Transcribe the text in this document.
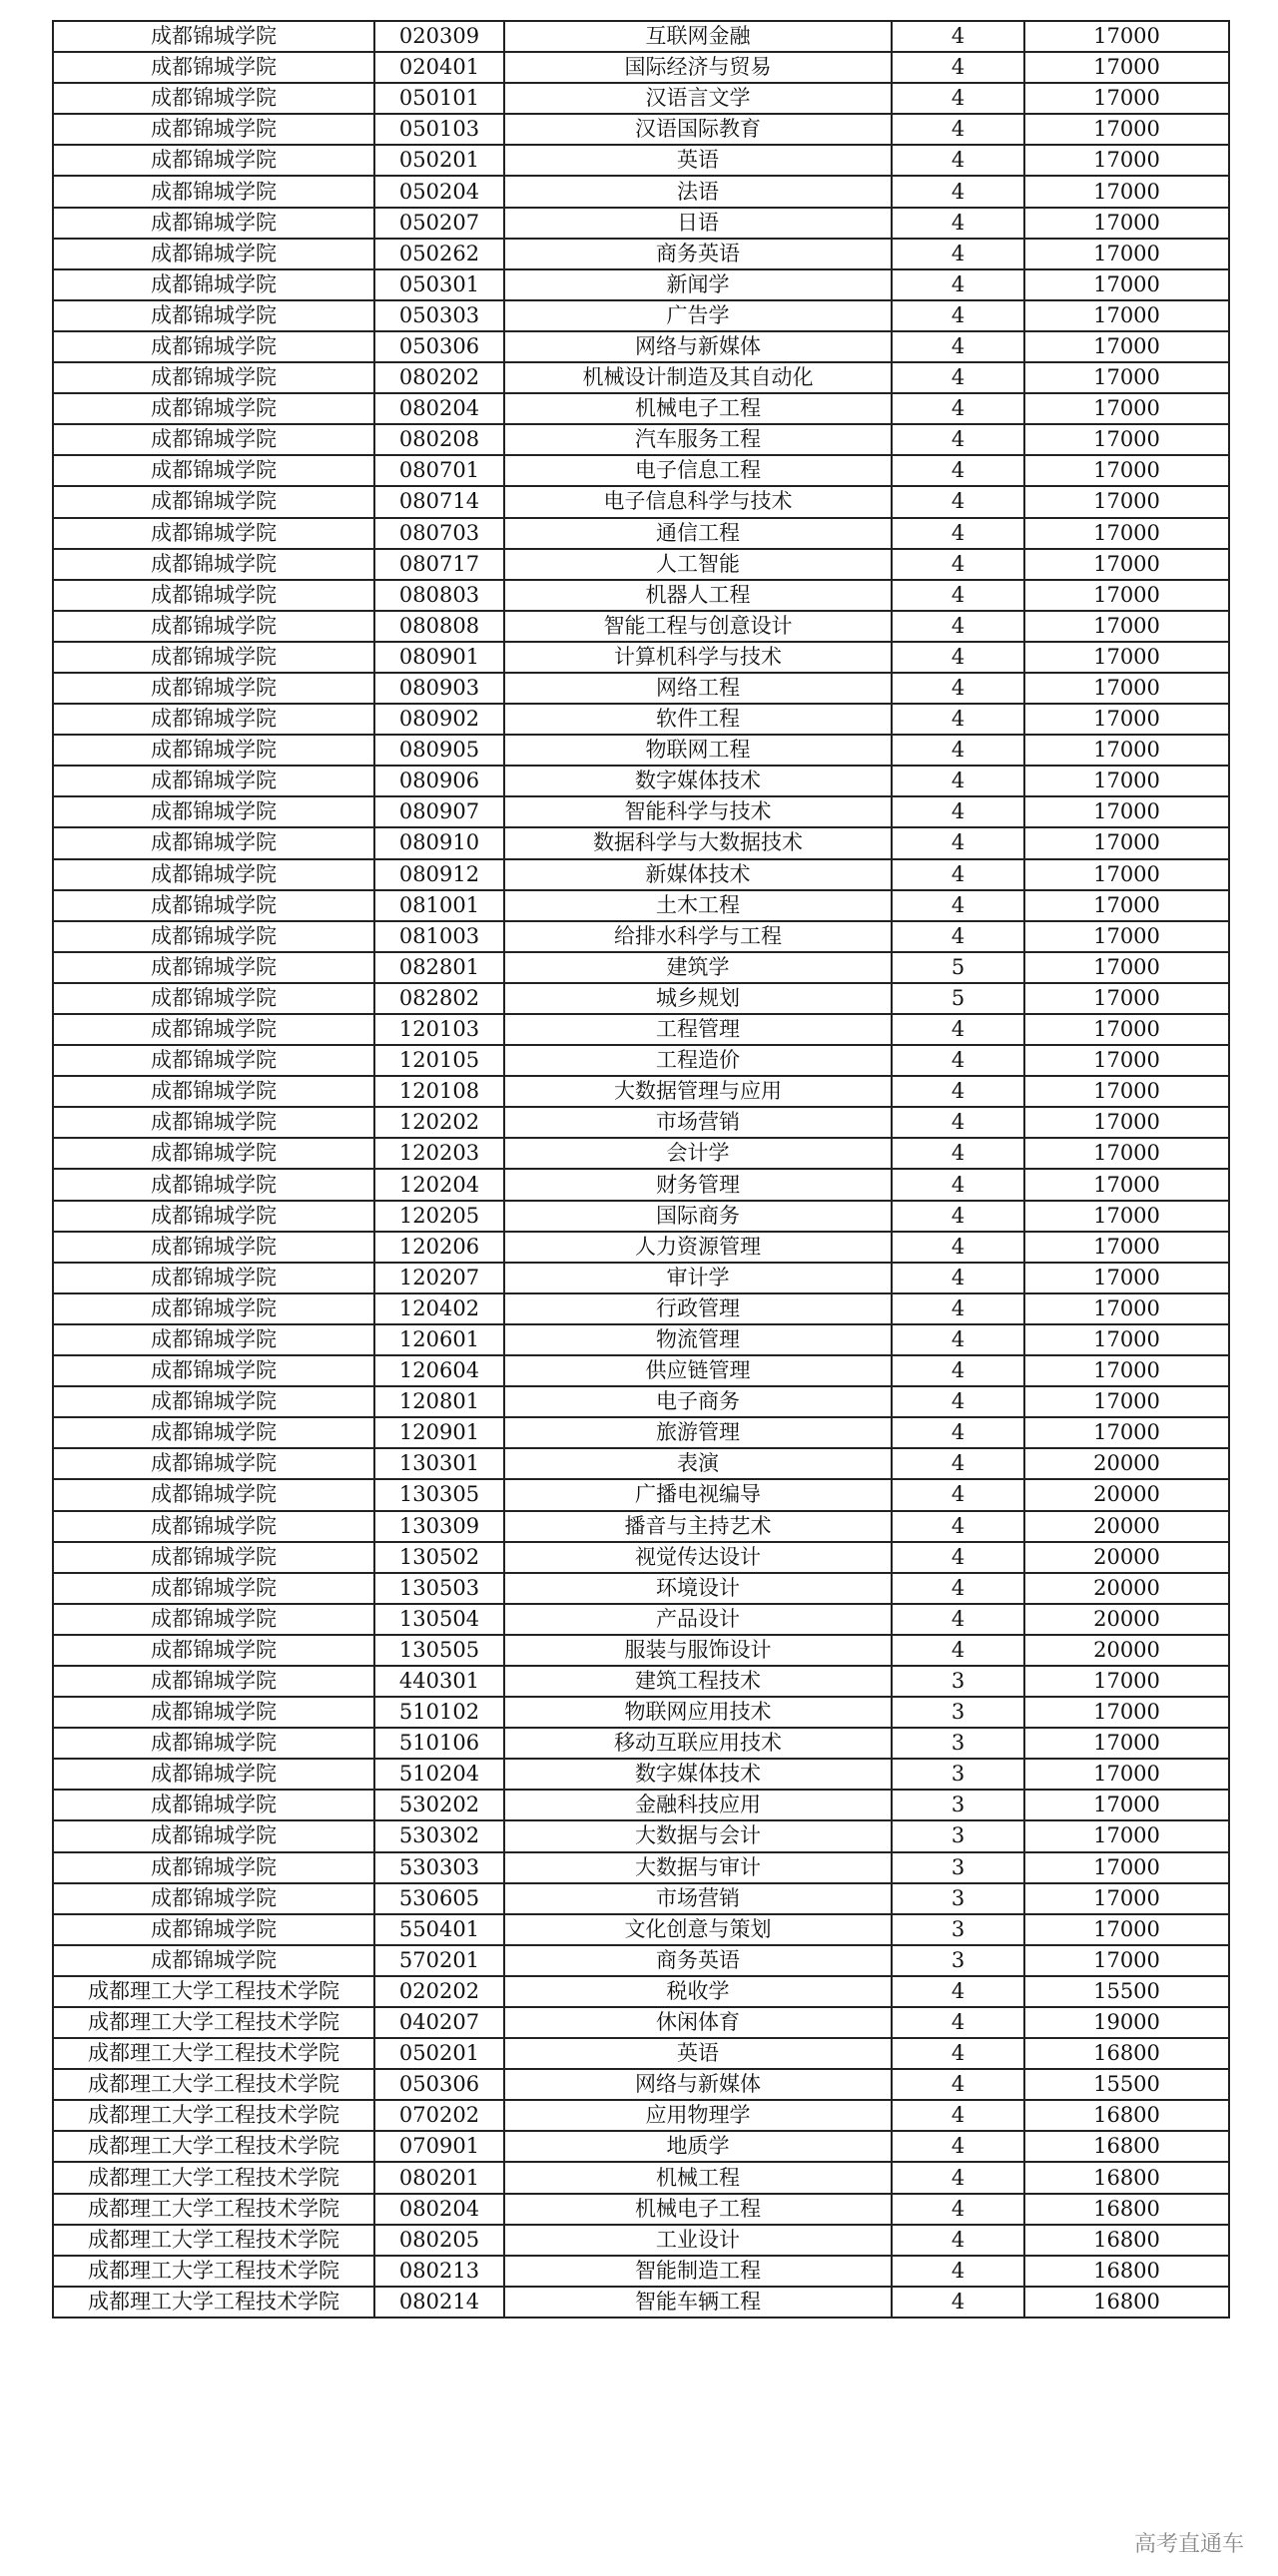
成都锦城学院	020309	互联网金融	4	17000
成都锦城学院	020401	国际经济与贸易	4	17000
成都锦城学院	050101	汉语言文学	4	17000
成都锦城学院	050103	汉语国际教育	4	17000
成都锦城学院	050201	英语	4	17000
成都锦城学院	050204	法语	4	17000
成都锦城学院	050207	日语	4	17000
成都锦城学院	050262	商务英语	4	17000
成都锦城学院	050301	新闻学	4	17000
成都锦城学院	050303	广告学	4	17000
成都锦城学院	050306	网络与新媒体	4	17000
成都锦城学院	080202	机械设计制造及其自动化	4	17000
成都锦城学院	080204	机械电子工程	4	17000
成都锦城学院	080208	汽车服务工程	4	17000
成都锦城学院	080701	电子信息工程	4	17000
成都锦城学院	080714	电子信息科学与技术	4	17000
成都锦城学院	080703	通信工程	4	17000
成都锦城学院	080717	人工智能	4	17000
成都锦城学院	080803	机器人工程	4	17000
成都锦城学院	080808	智能工程与创意设计	4	17000
成都锦城学院	080901	计算机科学与技术	4	17000
成都锦城学院	080903	网络工程	4	17000
成都锦城学院	080902	软件工程	4	17000
成都锦城学院	080905	物联网工程	4	17000
成都锦城学院	080906	数字媒体技术	4	17000
成都锦城学院	080907	智能科学与技术	4	17000
成都锦城学院	080910	数据科学与大数据技术	4	17000
成都锦城学院	080912	新媒体技术	4	17000
成都锦城学院	081001	土木工程	4	17000
成都锦城学院	081003	给排水科学与工程	4	17000
成都锦城学院	082801	建筑学	5	17000
成都锦城学院	082802	城乡规划	5	17000
成都锦城学院	120103	工程管理	4	17000
成都锦城学院	120105	工程造价	4	17000
成都锦城学院	120108	大数据管理与应用	4	17000
成都锦城学院	120202	市场营销	4	17000
成都锦城学院	120203	会计学	4	17000
成都锦城学院	120204	财务管理	4	17000
成都锦城学院	120205	国际商务	4	17000
成都锦城学院	120206	人力资源管理	4	17000
成都锦城学院	120207	审计学	4	17000
成都锦城学院	120402	行政管理	4	17000
成都锦城学院	120601	物流管理	4	17000
成都锦城学院	120604	供应链管理	4	17000
成都锦城学院	120801	电子商务	4	17000
成都锦城学院	120901	旅游管理	4	17000
成都锦城学院	130301	表演	4	20000
成都锦城学院	130305	广播电视编导	4	20000
成都锦城学院	130309	播音与主持艺术	4	20000
成都锦城学院	130502	视觉传达设计	4	20000
成都锦城学院	130503	环境设计	4	20000
成都锦城学院	130504	产品设计	4	20000
成都锦城学院	130505	服装与服饰设计	4	20000
成都锦城学院	440301	建筑工程技术	3	17000
成都锦城学院	510102	物联网应用技术	3	17000
成都锦城学院	510106	移动互联应用技术	3	17000
成都锦城学院	510204	数字媒体技术	3	17000
成都锦城学院	530202	金融科技应用	3	17000
成都锦城学院	530302	大数据与会计	3	17000
成都锦城学院	530303	大数据与审计	3	17000
成都锦城学院	530605	市场营销	3	17000
成都锦城学院	550401	文化创意与策划	3	17000
成都锦城学院	570201	商务英语	3	17000
成都理工大学工程技术学院	020202	税收学	4	15500
成都理工大学工程技术学院	040207	休闲体育	4	19000
成都理工大学工程技术学院	050201	英语	4	16800
成都理工大学工程技术学院	050306	网络与新媒体	4	15500
成都理工大学工程技术学院	070202	应用物理学	4	16800
成都理工大学工程技术学院	070901	地质学	4	16800
成都理工大学工程技术学院	080201	机械工程	4	16800
成都理工大学工程技术学院	080204	机械电子工程	4	16800
成都理工大学工程技术学院	080205	工业设计	4	16800
成都理工大学工程技术学院	080213	智能制造工程	4	16800
成都理工大学工程技术学院	080214	智能车辆工程	4	16800
高考直通车
